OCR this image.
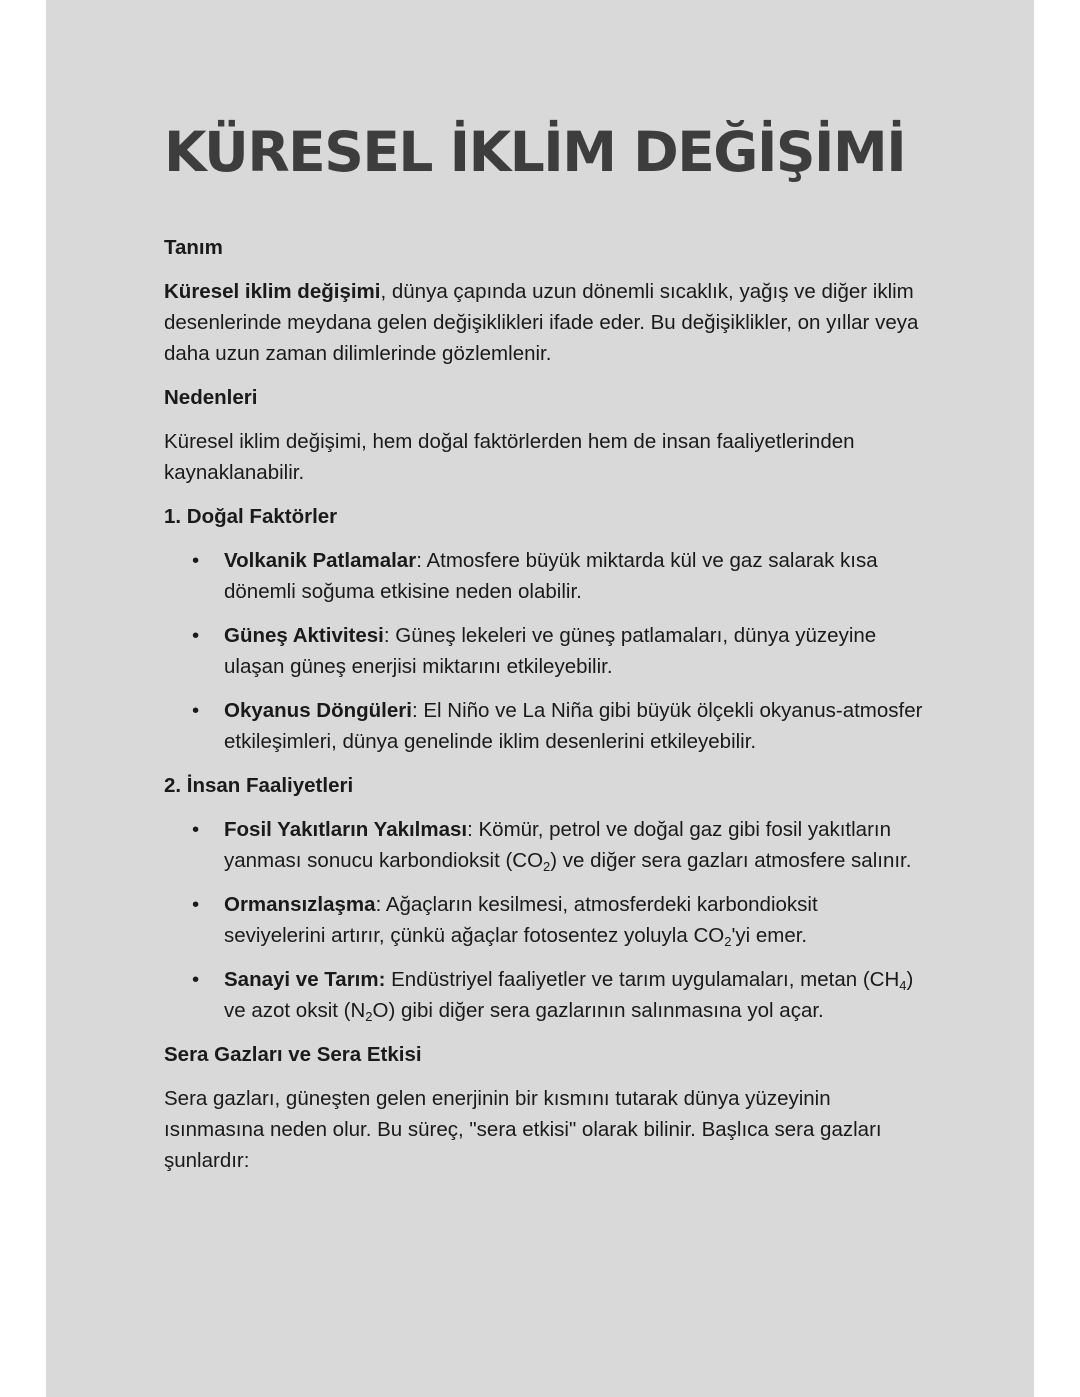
KÜRESEL İKLİM DEĞİŞİMİ
Tanım

Küresel iklim değişimi, dünya çapında uzun dönemli sıcaklık, yağış ve diğer iklim desenlerinde meydana gelen değişiklikleri ifade eder. Bu değişiklikler, on yıllar veya daha uzun zaman dilimlerinde gözlemlenir.

Nedenleri

Küresel iklim değişimi, hem doğal faktörlerden hem de insan faaliyetlerinden kaynaklanabilir.

1. Doğal Faktörler
• Volkanik Patlamalar: Atmosfere büyük miktarda kül ve gaz salarak kısa dönemli soğuma etkisine neden olabilir.
• Güneş Aktivitesi: Güneş lekeleri ve güneş patlamaları, dünya yüzeyine ulaşan güneş enerjisi miktarını etkileyebilir.
• Okyanus Döngüleri: El Niño ve La Niña gibi büyük ölçekli okyanus-atmosfer etkileşimleri, dünya genelinde iklim desenlerini etkileyebilir.
2. İnsan Faaliyetleri
• Fosil Yakıtların Yakılması: Kömür, petrol ve doğal gaz gibi fosil yakıtların yanması sonucu karbondioksit $(CO_2)$ ve diğer sera gazları atmosfere salınır.
• Ormansızlaşma: Ağaçların kesilmesi, atmosferdeki karbondioksit seviyelerini artırır, çünkü ağaçlar fotosentez yoluyla $CO_2'yi$ emer.
• Sanayi ve Tarım: Endüstriyel faaliyetler ve tarım uygulamaları, metan $(CH_4)$ ve azot oksit $(N_2O)$ gibi diğer sera gazlarının salınmasına yol açar.
Sera Gazları ve Sera Etkisi

Sera gazları, güneşten gelen enerjinin bir kısmını tutarak dünya yüzeyinin ısınmasına neden olur. Bu süreç, "sera etkisi" olarak bilinir. Başlıca sera gazları şunlardır:
